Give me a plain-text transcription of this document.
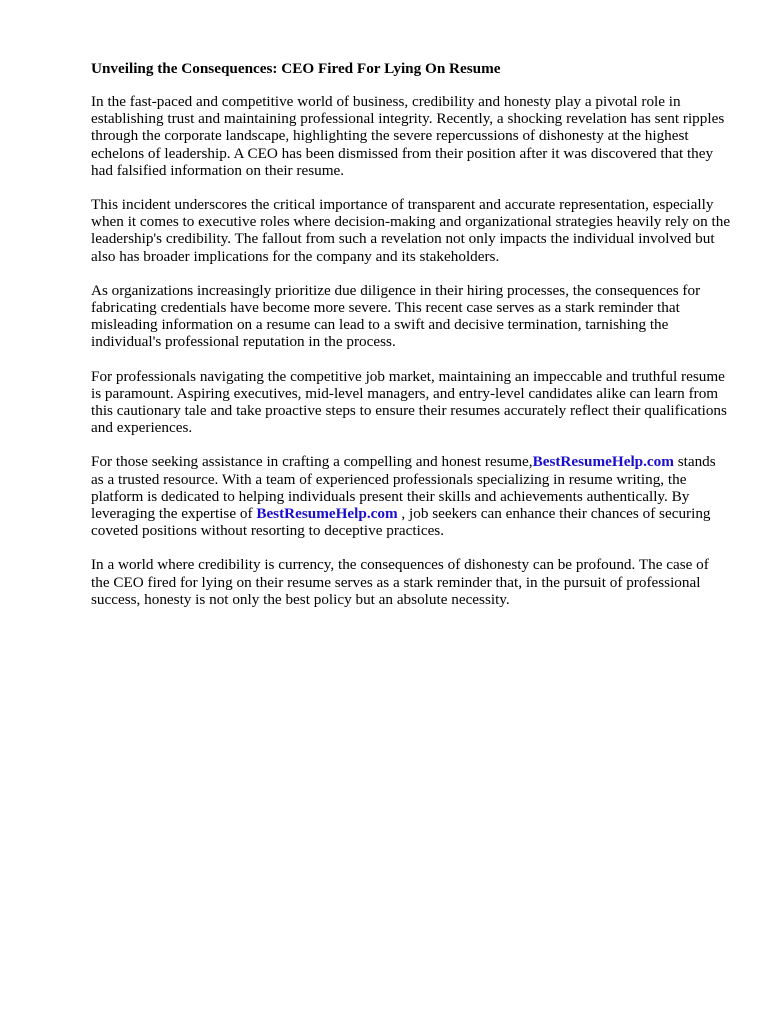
Unveiling the Consequences: CEO Fired For Lying On Resume

In the fast-paced and competitive world of business, credibility and honesty play a pivotal role in establishing trust and maintaining professional integrity. Recently, a shocking revelation has sent ripples through the corporate landscape, highlighting the severe repercussions of dishonesty at the highest echelons of leadership. A CEO has been dismissed from their position after it was discovered that they had falsified information on their resume.

This incident underscores the critical importance of transparent and accurate representation, especially when it comes to executive roles where decision-making and organizational strategies heavily rely on the leadership's credibility. The fallout from such a revelation not only impacts the individual involved but also has broader implications for the company and its stakeholders.

As organizations increasingly prioritize due diligence in their hiring processes, the consequences for fabricating credentials have become more severe. This recent case serves as a stark reminder that misleading information on a resume can lead to a swift and decisive termination, tarnishing the individual's professional reputation in the process.

For professionals navigating the competitive job market, maintaining an impeccable and truthful resume is paramount. Aspiring executives, mid-level managers, and entry-level candidates alike can learn from this cautionary tale and take proactive steps to ensure their resumes accurately reflect their qualifications and experiences.

For those seeking assistance in crafting a compelling and honest resume,BestResumeHelp.com stands as a trusted resource. With a team of experienced professionals specializing in resume writing, the platform is dedicated to helping individuals present their skills and achievements authentically. By leveraging the expertise of BestResumeHelp.com , job seekers can enhance their chances of securing coveted positions without resorting to deceptive practices.

In a world where credibility is currency, the consequences of dishonesty can be profound. The case of the CEO fired for lying on their resume serves as a stark reminder that, in the pursuit of professional success, honesty is not only the best policy but an absolute necessity.
